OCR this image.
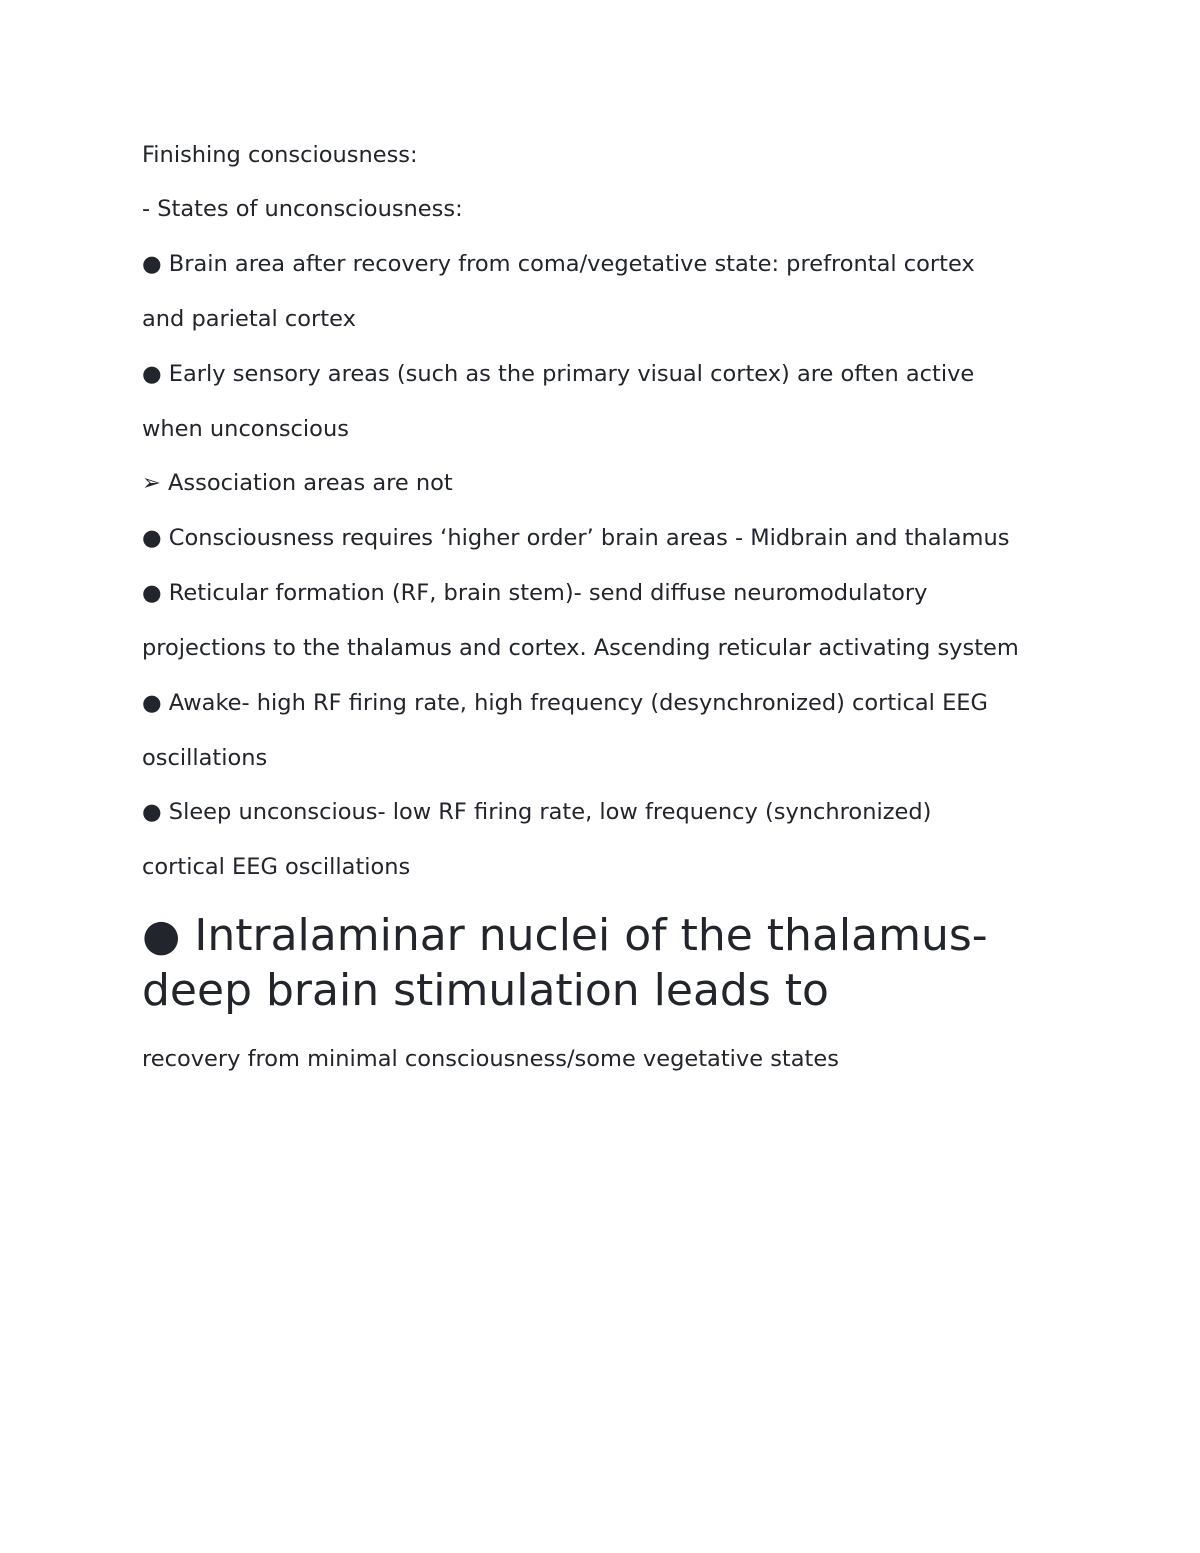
Finishing consciousness:
- States of unconsciousness:
● Brain area after recovery from coma/vegetative state: prefrontal cortex
and parietal cortex
● Early sensory areas (such as the primary visual cortex) are often active
when unconscious
➢ Association areas are not
● Consciousness requires ‘higher order’ brain areas - Midbrain and thalamus
● Reticular formation (RF, brain stem)- send diffuse neuromodulatory
projections to the thalamus and cortex. Ascending reticular activating system
● Awake- high RF firing rate, high frequency (desynchronized) cortical EEG
oscillations
● Sleep unconscious- low RF firing rate, low frequency (synchronized)
cortical EEG oscillations
● Intralaminar nuclei of the thalamus-
deep brain stimulation leads to
recovery from minimal consciousness/some vegetative states
